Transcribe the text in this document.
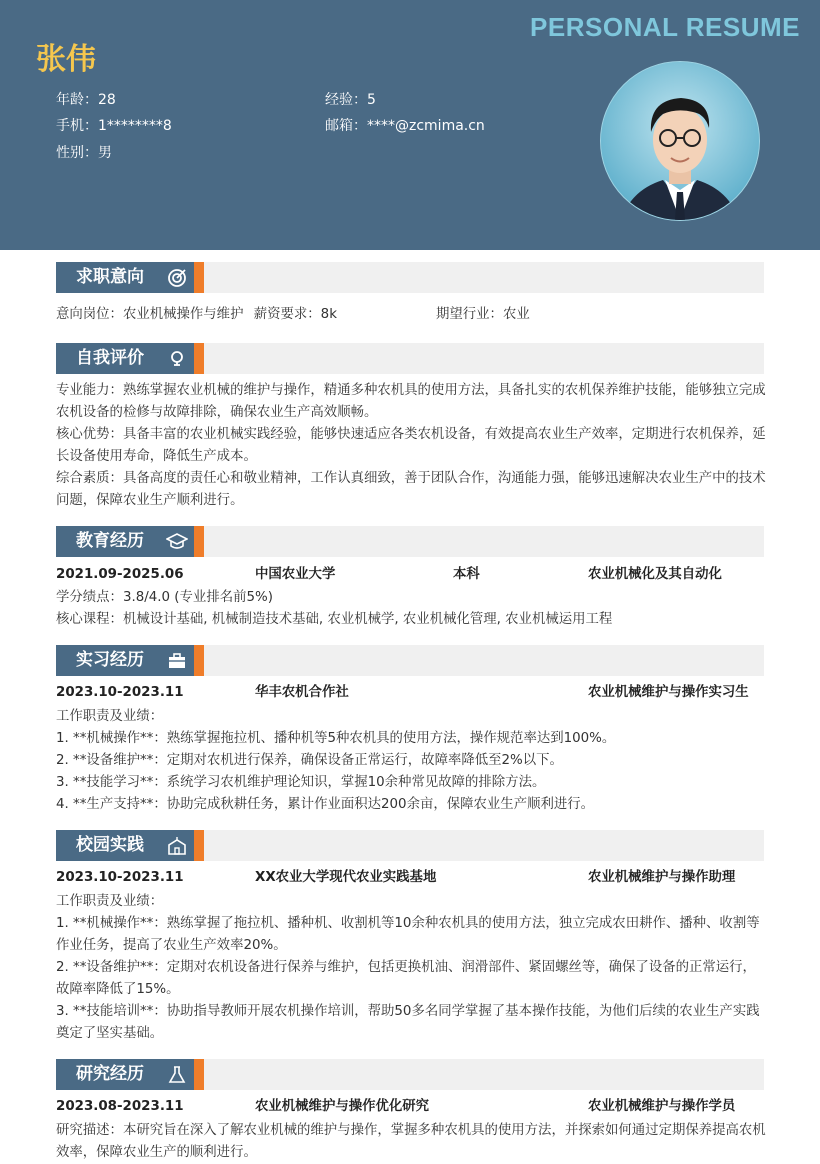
PERSONAL RESUME
张伟
年龄：28	经验：5
手机：1********8	邮箱：****@zcmima.cn
性别：男
求职意向
意向岗位：农业机械操作与维护 薪资要求：8k	期望行业：农业
自我评价
专业能力：熟练掌握农业机械的维护与操作，精通多种农机具的使用方法，具备扎实的农机保养维护技能，能够独立完成农机设备的检修与故障排除，确保农业生产高效顺畅。
核心优势：具备丰富的农业机械实践经验，能够快速适应各类农机设备，有效提高农业生产效率，定期进行农机保养，延长设备使用寿命，降低生产成本。
综合素质：具备高度的责任心和敬业精神，工作认真细致，善于团队合作，沟通能力强，能够迅速解决农业生产中的技术问题，保障农业生产顺利进行。
教育经历
2021.09-2025.06	中国农业大学	本科	农业机械化及其自动化
学分绩点：3.8/4.0 (专业排名前5%)
核心课程：机械设计基础, 机械制造技术基础, 农业机械学, 农业机械化管理, 农业机械运用工程
实习经历
2023.10-2023.11	华丰农机合作社	农业机械维护与操作实习生
工作职责及业绩：
1. **机械操作**：熟练掌握拖拉机、播种机等5种农机具的使用方法，操作规范率达到100%。
2. **设备维护**：定期对农机进行保养，确保设备正常运行，故障率降低至2%以下。
3. **技能学习**：系统学习农机维护理论知识，掌握10余种常见故障的排除方法。
4. **生产支持**：协助完成秋耕任务，累计作业面积达200余亩，保障农业生产顺利进行。
校园实践
2023.10-2023.11	XX农业大学现代农业实践基地	农业机械维护与操作助理
工作职责及业绩：
1. **机械操作**：熟练掌握了拖拉机、播种机、收割机等10余种农机具的使用方法，独立完成农田耕作、播种、收割等作业任务，提高了农业生产效率20%。
2. **设备维护**：定期对农机设备进行保养与维护，包括更换机油、润滑部件、紧固螺丝等，确保了设备的正常运行，故障率降低了15%。
3. **技能培训**：协助指导教师开展农机操作培训，帮助50多名同学掌握了基本操作技能，为他们后续的农业生产实践奠定了坚实基础。
研究经历
2023.08-2023.11	农业机械维护与操作优化研究	农业机械维护与操作学员
研究描述：本研究旨在深入了解农业机械的维护与操作，掌握多种农机具的使用方法，并探索如何通过定期保养提高农机效率，保障农业生产的顺利进行。
